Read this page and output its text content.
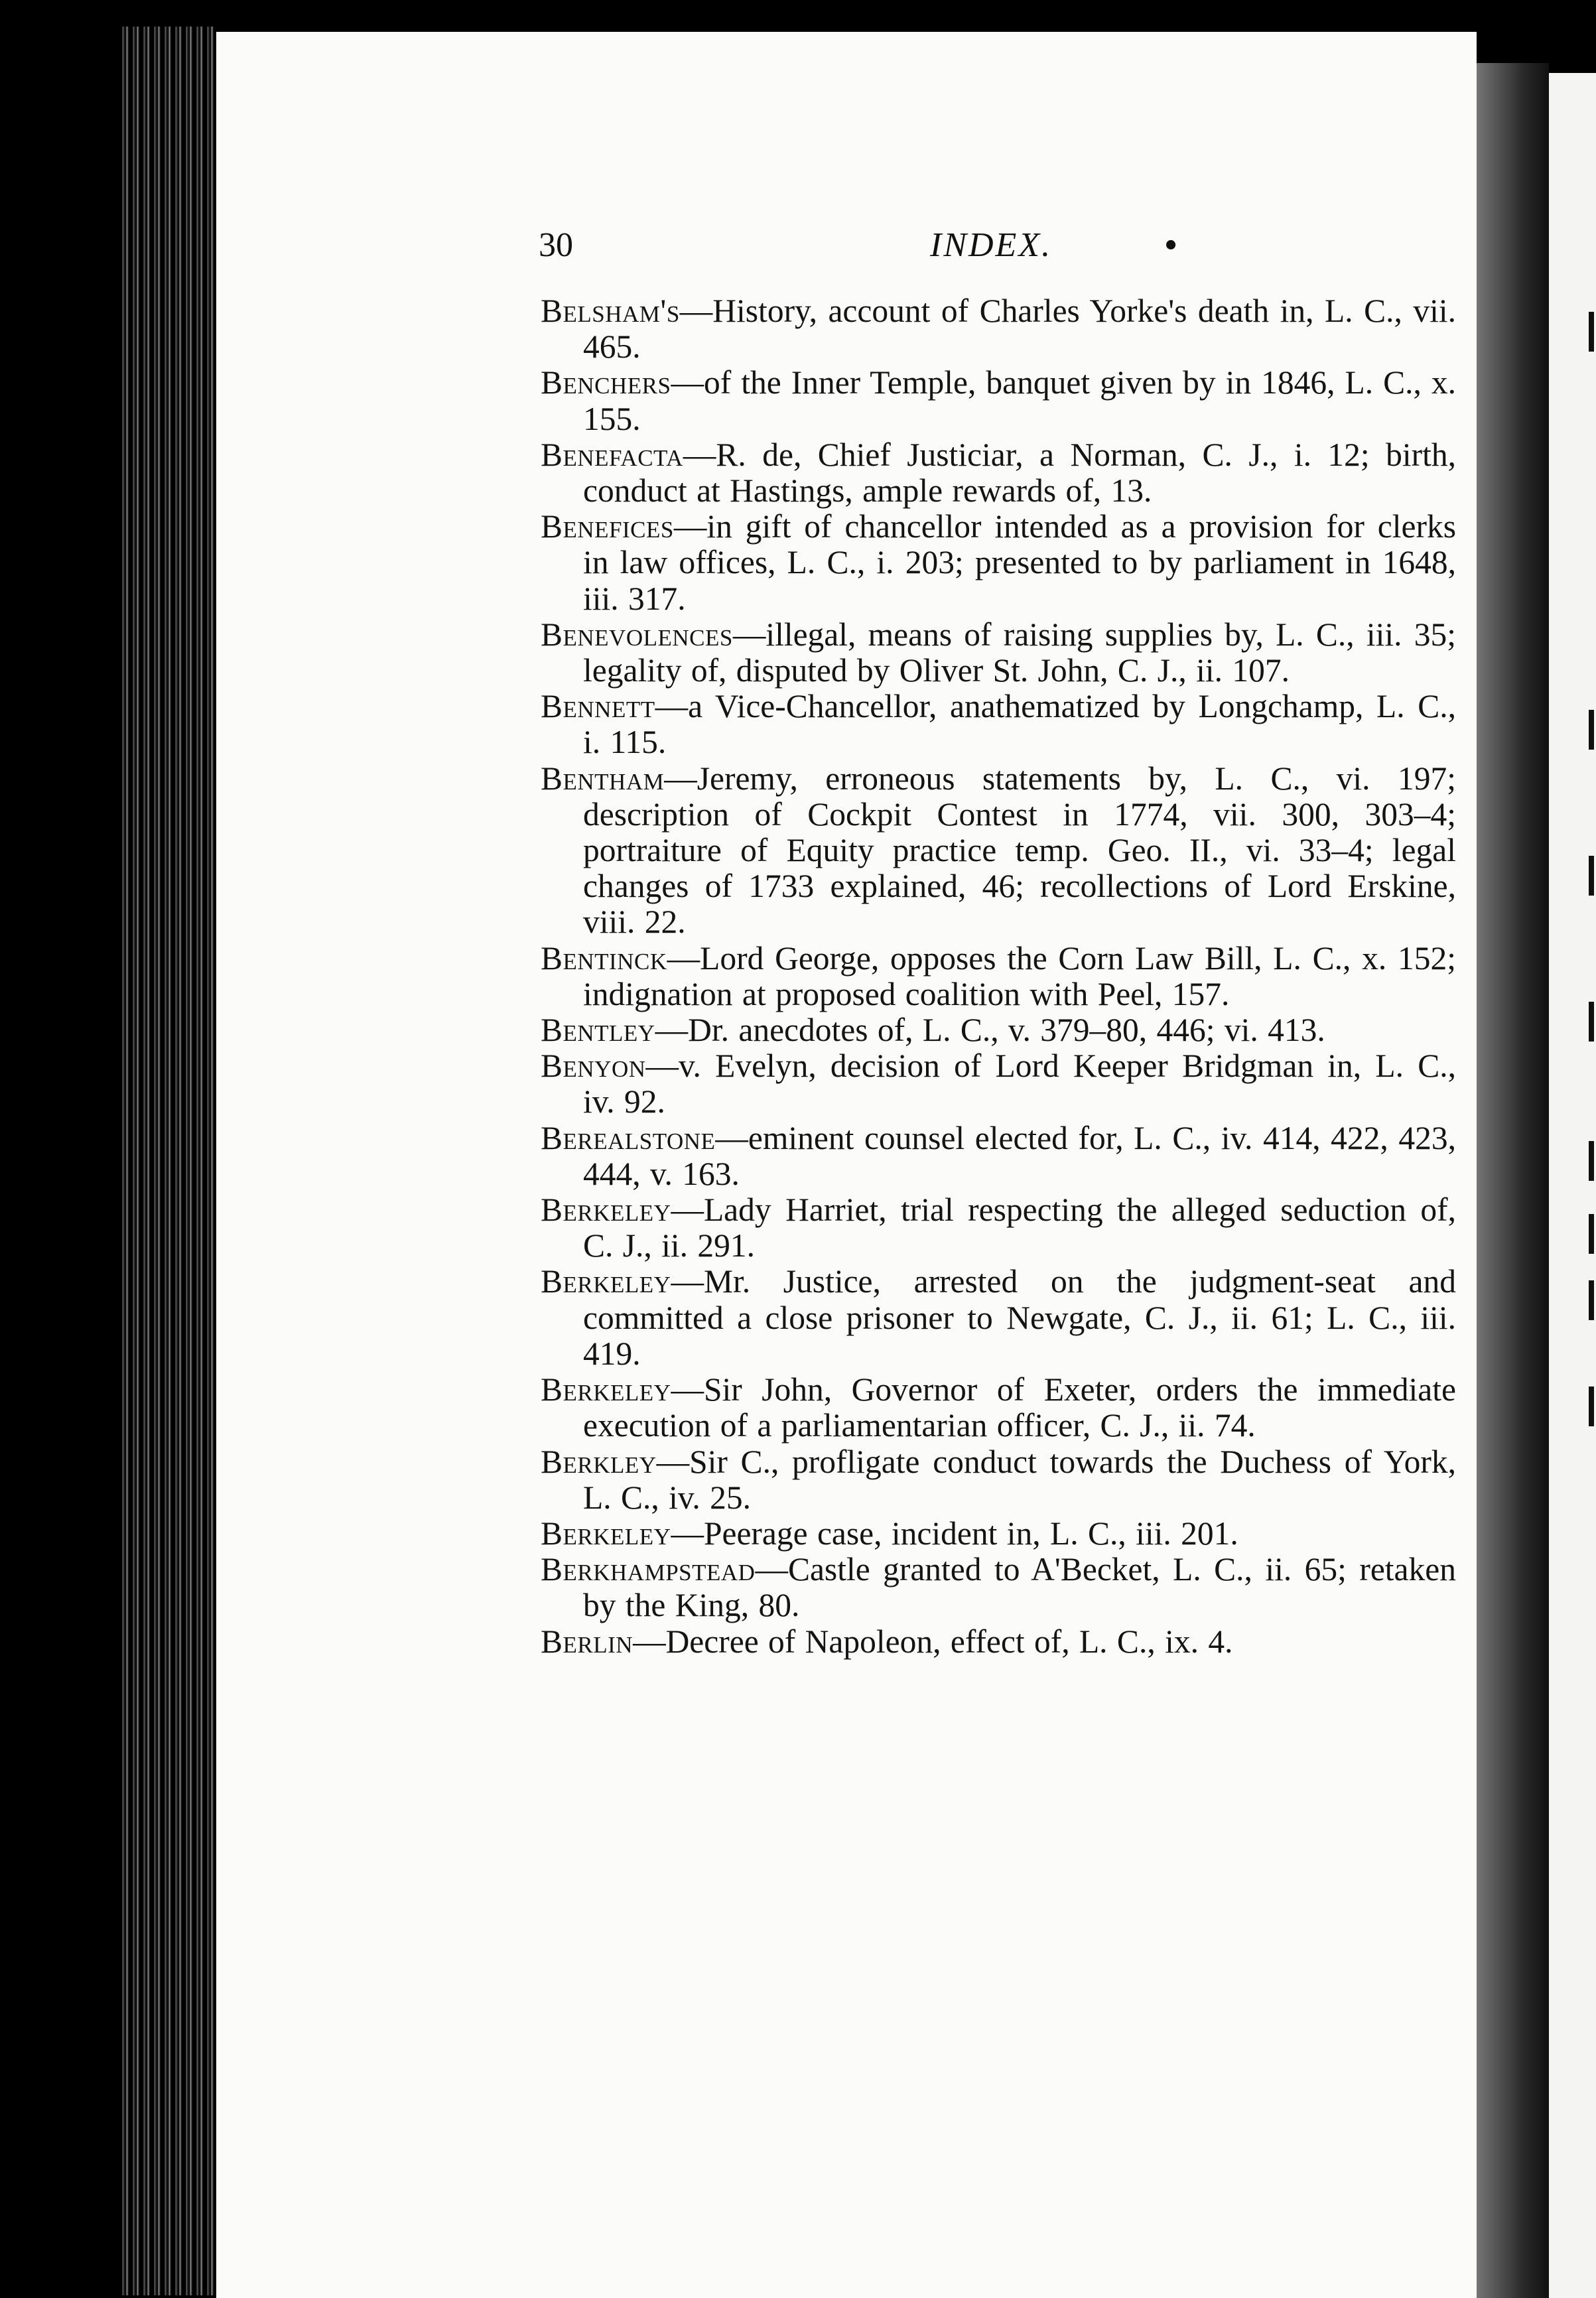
30	INDEX.	•

Belsham's—History, account of Charles Yorke's death in, L. C., vii. 465.

Benchers—of the Inner Temple, banquet given by in 1846, L. C., x. 155.

Benefacta—R. de, Chief Justiciar, a Norman, C. J., i. 12; birth, conduct at Hastings, ample rewards of, 13.

Benefices—in gift of chancellor intended as a provision for clerks in law offices, L. C., i. 203; presented to by parliament in 1648, iii. 317.

Benevolences—illegal, means of raising supplies by, L. C., iii. 35; legality of, disputed by Oliver St. John, C. J., ii. 107.

Bennett—a Vice-Chancellor, anathematized by Longchamp, L. C., i. 115.

Bentham—Jeremy, erroneous statements by, L. C., vi. 197; description of Cockpit Contest in 1774, vii. 300, 303–4; portraiture of Equity practice temp. Geo. II., vi. 33–4; legal changes of 1733 explained, 46; recollections of Lord Erskine, viii. 22.

Bentinck—Lord George, opposes the Corn Law Bill, L. C., x. 152; indignation at proposed coalition with Peel, 157.

Bentley—Dr. anecdotes of, L. C., v. 379–80, 446; vi. 413.

Benyon—v. Evelyn, decision of Lord Keeper Bridgman in, L. C., iv. 92.

Berealstone—eminent counsel elected for, L. C., iv. 414, 422, 423, 444, v. 163.

Berkeley—Lady Harriet, trial respecting the alleged seduction of, C. J., ii. 291.

Berkeley—Mr. Justice, arrested on the judgment-seat and committed a close prisoner to Newgate, C. J., ii. 61; L. C., iii. 419.

Berkeley—Sir John, Governor of Exeter, orders the immediate execution of a parliamentarian officer, C. J., ii. 74.

Berkley—Sir C., profligate conduct towards the Duchess of York, L. C., iv. 25.

Berkeley—Peerage case, incident in, L. C., iii. 201.

Berkhampstead—Castle granted to A'Becket, L. C., ii. 65; retaken by the King, 80.

Berlin—Decree of Napoleon, effect of, L. C., ix. 4.
